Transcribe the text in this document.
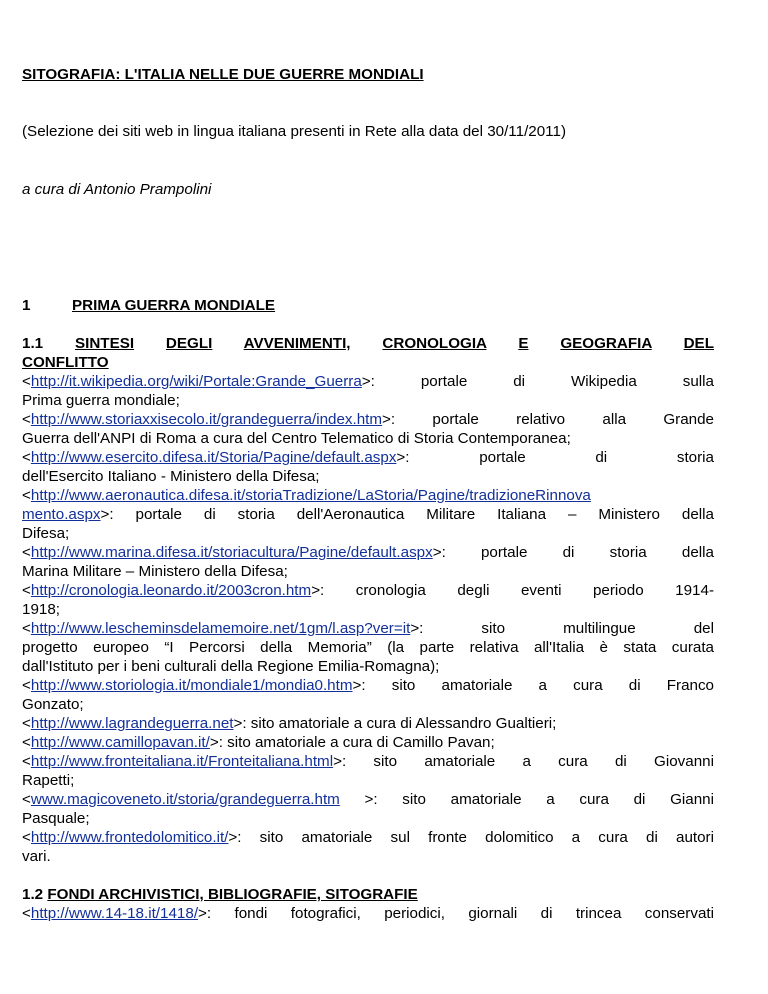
SITOGRAFIA: L'ITALIA NELLE DUE GUERRE MONDIALI
(Selezione dei siti web in lingua italiana presenti in Rete alla data del 30/11/2011)
a cura di Antonio Prampolini
1	PRIMA GUERRA MONDIALE
1.1 SINTESI DEGLI AVVENIMENTI, CRONOLOGIA E GEOGRAFIA DEL
CONFLITTO
<http://it.wikipedia.org/wiki/Portale:Grande_Guerra>: portale di Wikipedia sulla
Prima guerra mondiale;
<http://www.storiaxxisecolo.it/grandeguerra/index.htm>: portale relativo alla Grande
Guerra dell'ANPI di Roma a cura del Centro Telematico di Storia Contemporanea;
<http://www.esercito.difesa.it/Storia/Pagine/default.aspx>: portale di storia
dell'Esercito Italiano - Ministero della Difesa;
<http://www.aeronautica.difesa.it/storiaTradizione/LaStoria/Pagine/tradizioneRinnova
mento.aspx>: portale di storia dell'Aeronautica Militare Italiana – Ministero della
Difesa;
<http://www.marina.difesa.it/storiacultura/Pagine/default.aspx>: portale di storia della
Marina Militare – Ministero della Difesa;
<http://cronologia.leonardo.it/2003cron.htm>: cronologia degli eventi periodo 1914-
1918;
<http://www.lescheminsdelamemoire.net/1gm/l.asp?ver=it>: sito multilingue del
progetto europeo “I Percorsi della Memoria” (la parte relativa all'Italia è stata curata
dall'Istituto per i beni culturali della Regione Emilia-Romagna);
<http://www.storiologia.it/mondiale1/mondia0.htm>: sito amatoriale a cura di Franco
Gonzato;
<http://www.lagrandeguerra.net>: sito amatoriale a cura di Alessandro Gualtieri;
<http://www.camillopavan.it/>: sito amatoriale a cura di Camillo Pavan;
<http://www.fronteitaliana.it/Fronteitaliana.html>: sito amatoriale a cura di Giovanni
Rapetti;
<www.magicoveneto.it/storia/grandeguerra.htm >: sito amatoriale a cura di Gianni
Pasquale;
<http://www.frontedolomitico.it/>: sito amatoriale sul fronte dolomitico a cura di autori
vari.
1.2 FONDI ARCHIVISTICI, BIBLIOGRAFIE, SITOGRAFIE
<http://www.14-18.it/1418/>: fondi fotografici, periodici, giornali di trincea conservati
